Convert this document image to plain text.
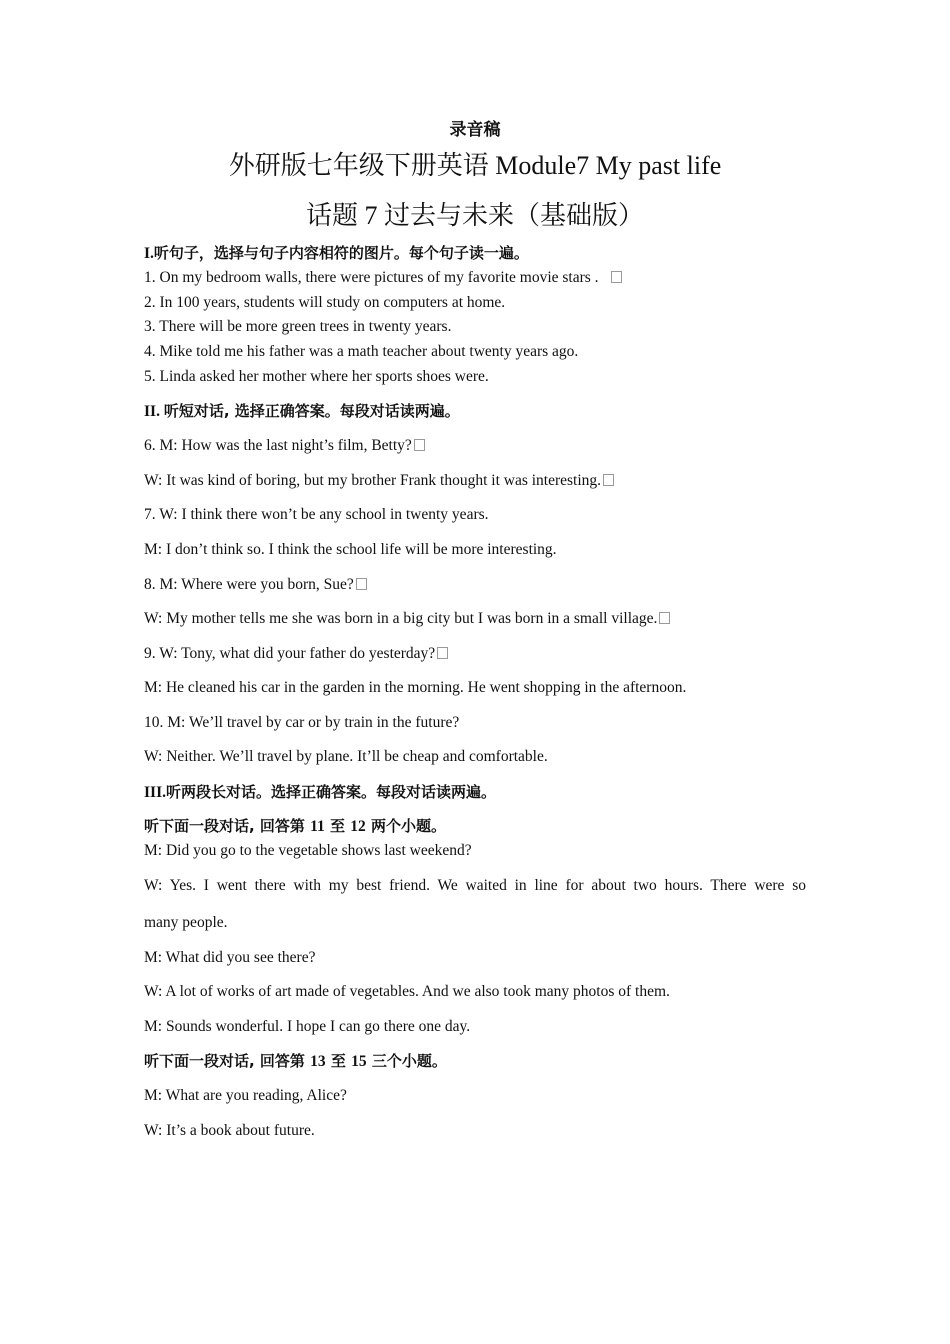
录音稿
外研版七年级下册英语 Module7 My past life
话题 7 过去与未来（基础版）
I.听句子，选择与句子内容相符的图片。每个句子读一遍。
1. On my bedroom walls, there were pictures of my favorite movie stars .
2. In 100 years, students will study on computers at home.
3. There will be more green trees in twenty years.
4. Mike told me his father was a math teacher about twenty years ago.
5. Linda asked her mother where her sports shoes were.
II. 听短对话, 选择正确答案。每段对话读两遍。
6. M: How was the last night’s film, Betty?
W: It was kind of boring, but my brother Frank thought it was interesting.
7. W: I think there won’t be any school in twenty years.
M: I don’t think so. I think the school life will be more interesting.
8. M: Where were you born, Sue?
W: My mother tells me she was born in a big city but I was born in a small village.
9. W: Tony, what did your father do yesterday?
M: He cleaned his car in the garden in the morning. He went shopping in the afternoon.
10. M: We’ll travel by car or by train in the future?
W: Neither. We’ll travel by plane. It’ll be cheap and comfortable.
III.听两段长对话。选择正确答案。每段对话读两遍。
听下面一段对话, 回答第 11 至 12 两个小题。
M: Did you go to the vegetable shows last weekend?
W: Yes. I went there with my best friend. We waited in line for about two hours. There were so
many people.
M: What did you see there?
W: A lot of works of art made of vegetables. And we also took many photos of them.
M: Sounds wonderful. I hope I can go there one day.
听下面一段对话, 回答第 13 至 15 三个小题。
M: What are you reading, Alice?
W: It’s a book about future.
